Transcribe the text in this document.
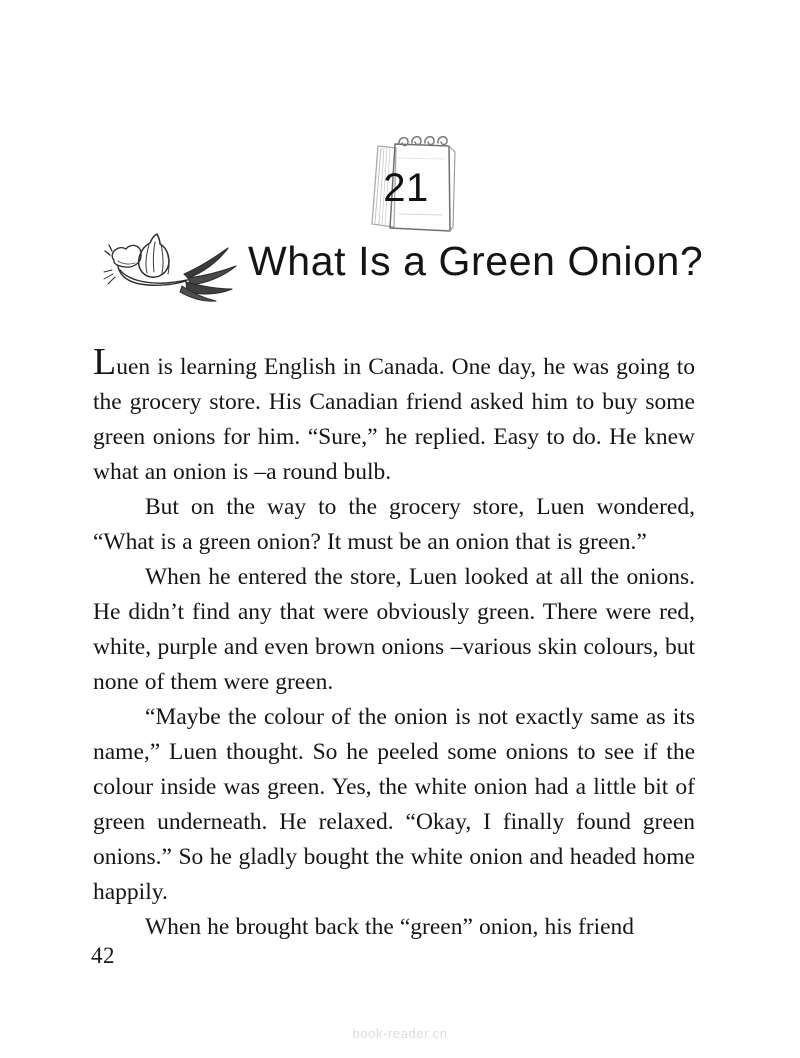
21
What Is a Green Onion?

Luen is learning English in Canada. One day, he was going to the grocery store. His Canadian friend asked him to buy some green onions for him. “Sure,” he replied. Easy to do. He knew what an onion is –a round bulb.

But on the way to the grocery store, Luen wondered, “What is a green onion? It must be an onion that is green.”

When he entered the store, Luen looked at all the onions. He didn’t find any that were obviously green. There were red, white, purple and even brown onions –various skin colours, but none of them were green.

“Maybe the colour of the onion is not exactly same as its name,” Luen thought. So he peeled some onions to see if the colour inside was green. Yes, the white onion had a little bit of green underneath. He relaxed. “Okay, I finally found green onions.” So he gladly bought the white onion and headed home happily.

When he brought back the “green” onion, his friend

42
book-reader.cn
